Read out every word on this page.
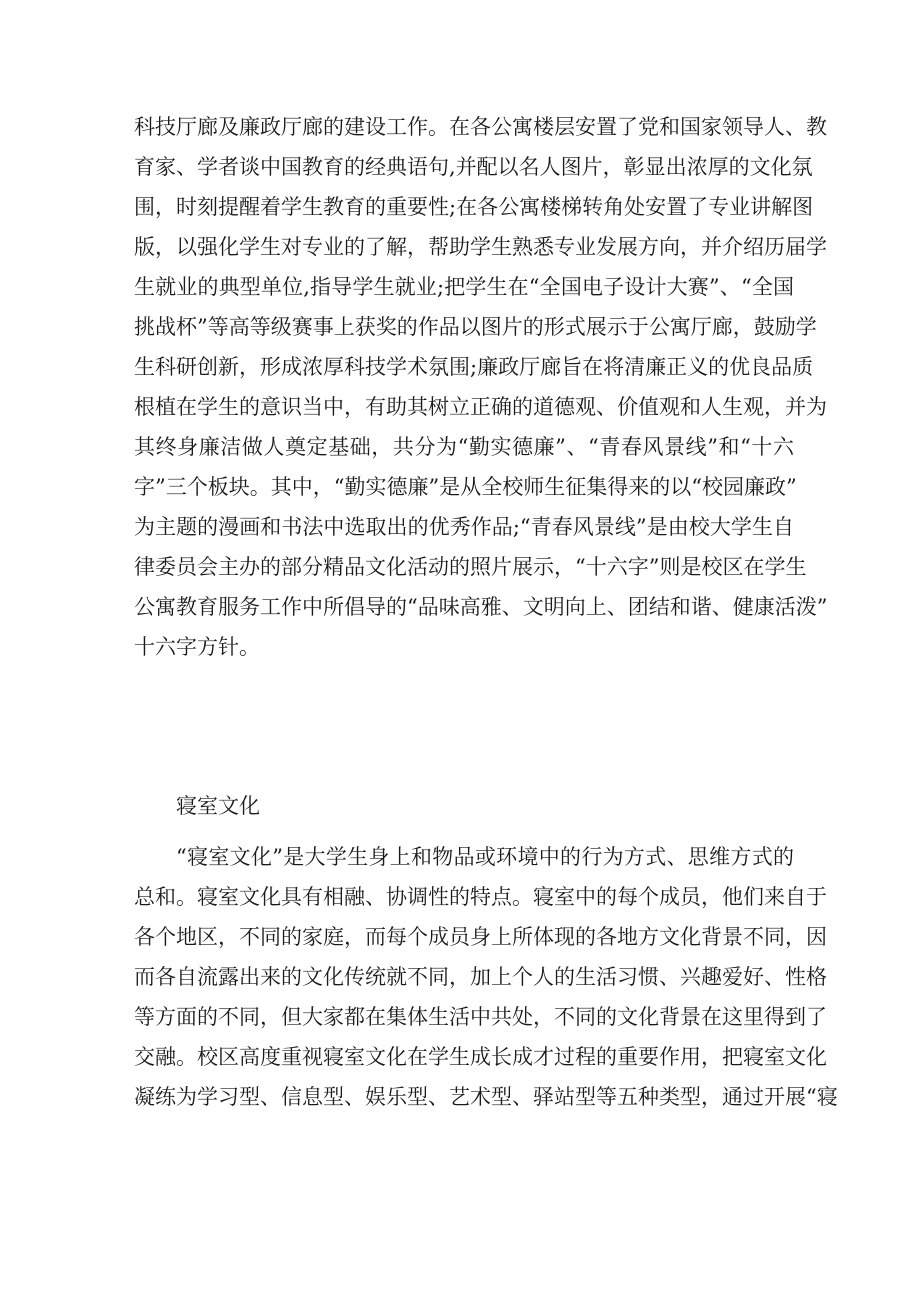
科技厅廊及廉政厅廊的建设工作。在各公寓楼层安置了党和国家领导人、教
育家、学者谈中国教育的经典语句,并配以名人图片，彰显出浓厚的文化氛
围，时刻提醒着学生教育的重要性;在各公寓楼梯转角处安置了专业讲解图
版，以强化学生对专业的了解，帮助学生熟悉专业发展方向，并介绍历届学
生就业的典型单位,指导学生就业;把学生在“全国电子设计大赛”、“全国
挑战杯”等高等级赛事上获奖的作品以图片的形式展示于公寓厅廊，鼓励学
生科研创新，形成浓厚科技学术氛围;廉政厅廊旨在将清廉正义的优良品质
根植在学生的意识当中，有助其树立正确的道德观、价值观和人生观，并为
其终身廉洁做人奠定基础，共分为“勤实德廉”、“青春风景线”和“十六
字”三个板块。其中，“勤实德廉”是从全校师生征集得来的以“校园廉政”
为主题的漫画和书法中选取出的优秀作品;“青春风景线”是由校大学生自
律委员会主办的部分精品文化活动的照片展示，“十六字”则是校区在学生
公寓教育服务工作中所倡导的“品味高雅、文明向上、团结和谐、健康活泼”
十六字方针。
寝室文化
“寝室文化”是大学生身上和物品或环境中的行为方式、思维方式的
总和。寝室文化具有相融、协调性的特点。寝室中的每个成员，他们来自于
各个地区，不同的家庭，而每个成员身上所体现的各地方文化背景不同，因
而各自流露出来的文化传统就不同，加上个人的生活习惯、兴趣爱好、性格
等方面的不同，但大家都在集体生活中共处，不同的文化背景在这里得到了
交融。校区高度重视寝室文化在学生成长成才过程的重要作用，把寝室文化
凝练为学习型、信息型、娱乐型、艺术型、驿站型等五种类型，通过开展“寝
